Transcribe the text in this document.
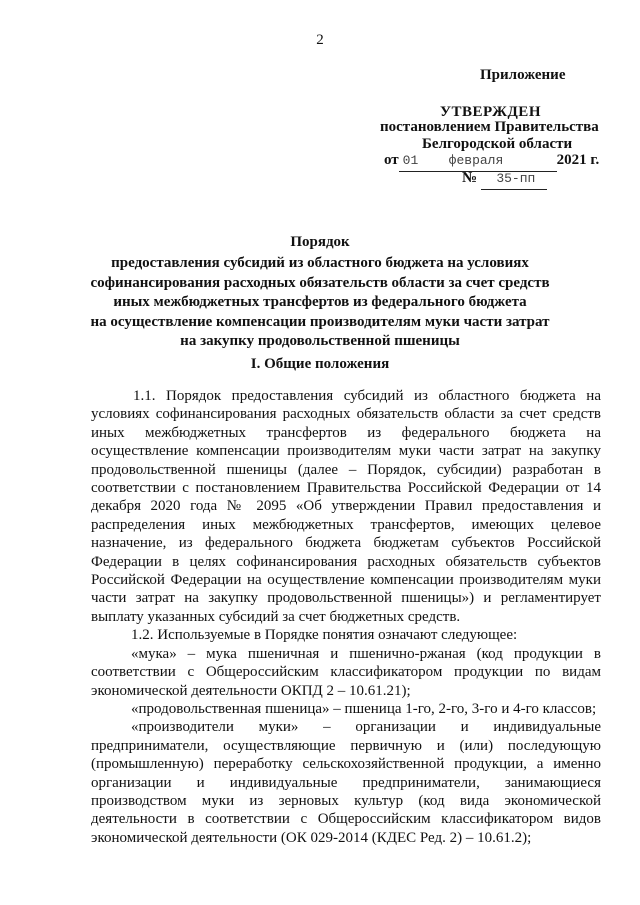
2
Приложение
УТВЕРЖДЕН
постановлением Правительства
Белгородской области
от 01 февраля	2021 г.
№ 35-пп
Порядок
предоставления субсидий из областного бюджета на условиях
софинансирования расходных обязательств области за счет средств
иных межбюджетных трансфертов из федерального бюджета
на осуществление компенсации производителям муки части затрат
на закупку продовольственной пшеницы
I. Общие положения

1.1. Порядок предоставления субсидий из областного бюджета на условиях софинансирования расходных обязательств области за счет средств иных межбюджетных трансфертов из федерального бюджета на осуществление компенсации производителям муки части затрат на закупку продовольственной пшеницы (далее – Порядок, субсидии) разработан в соответствии с постановлением Правительства Российской Федерации от 14 декабря 2020 года № 2095 «Об утверждении Правил предоставления и распределения иных межбюджетных трансфертов, имеющих целевое назначение, из федерального бюджета бюджетам субъектов Российской Федерации в целях софинансирования расходных обязательств субъектов Российской Федерации на осуществление компенсации производителям муки части затрат на закупку продовольственной пшеницы») и регламентирует выплату указанных субсидий за счет бюджетных средств.

1.2. Используемые в Порядке понятия означают следующее:

«мука» – мука пшеничная и пшенично-ржаная (код продукции в соответствии с Общероссийским классификатором продукции по видам экономической деятельности ОКПД 2 – 10.61.21);

«продовольственная пшеница» – пшеница 1-го, 2-го, 3-го и 4-го классов;

«производители муки» – организации и индивидуальные предприниматели, осуществляющие первичную и (или) последующую (промышленную) переработку сельскохозяйственной продукции, а именно организации и индивидуальные предприниматели, занимающиеся производством муки из зерновых культур (код вида экономической деятельности в соответствии с Общероссийским классификатором видов экономической деятельности (ОК 029-2014 (КДЕС Ред. 2) – 10.61.2);
